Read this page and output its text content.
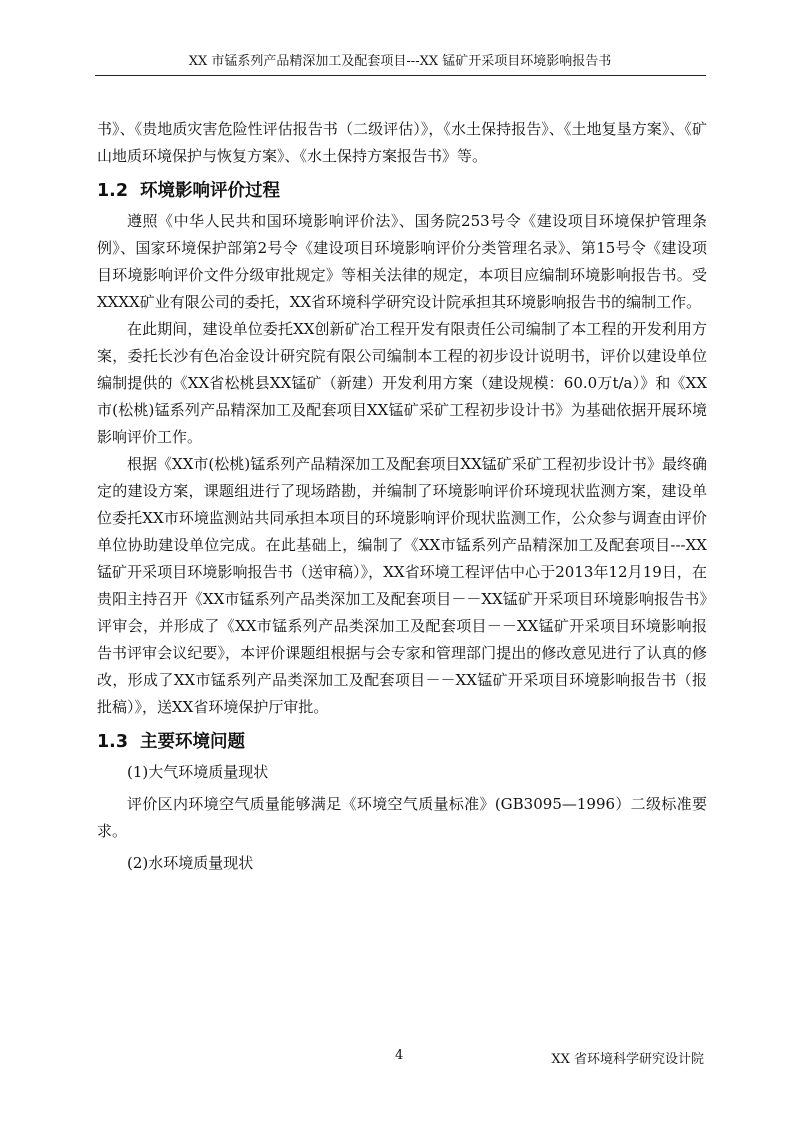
XX 市锰系列产品精深加工及配套项目---XX 锰矿开采项目环境影响报告书

书》、《贵地质灾害危险性评估报告书（二级评估）》，《水土保持报告》、《土地复垦方案》、《矿山地质环境保护与恢复方案》、《水土保持方案报告书》等。

1.2 环境影响评价过程

遵照《中华人民共和国环境影响评价法》、国务院253号令《建设项目环境保护管理条例》、国家环境保护部第2号令《建设项目环境影响评价分类管理名录》、第15号令《建设项目环境影响评价文件分级审批规定》等相关法律的规定，本项目应编制环境影响报告书。受XXXX矿业有限公司的委托，XX省环境科学研究设计院承担其环境影响报告书的编制工作。

在此期间，建设单位委托XX创新矿冶工程开发有限责任公司编制了本工程的开发利用方案，委托长沙有色冶金设计研究院有限公司编制本工程的初步设计说明书，评价以建设单位编制提供的《XX省松桃县XX锰矿（新建）开发利用方案（建设规模：60.0万t/a）》和《XX市(松桃)锰系列产品精深加工及配套项目XX锰矿采矿工程初步设计书》为基础依据开展环境影响评价工作。

根据《XX市(松桃)锰系列产品精深加工及配套项目XX锰矿采矿工程初步设计书》最终确定的建设方案，课题组进行了现场踏勘，并编制了环境影响评价环境现状监测方案，建设单位委托XX市环境监测站共同承担本项目的环境影响评价现状监测工作，公众参与调查由评价单位协助建设单位完成。在此基础上，编制了《XX市锰系列产品精深加工及配套项目---XX锰矿开采项目环境影响报告书（送审稿）》，XX省环境工程评估中心于2013年12月19日，在贵阳主持召开《XX市锰系列产品类深加工及配套项目－－XX锰矿开采项目环境影响报告书》评审会，并形成了《XX市锰系列产品类深加工及配套项目－－XX锰矿开采项目环境影响报告书评审会议纪要》，本评价课题组根据与会专家和管理部门提出的修改意见进行了认真的修改，形成了XX市锰系列产品类深加工及配套项目－－XX锰矿开采项目环境影响报告书（报批稿）》，送XX省环境保护厅审批。

1.3 主要环境问题

(1)大气环境质量现状

评价区内环境空气质量能够满足《环境空气质量标准》(GB3095—1996）二级标准要求。

(2)水环境质量现状

4	XX 省环境科学研究设计院
